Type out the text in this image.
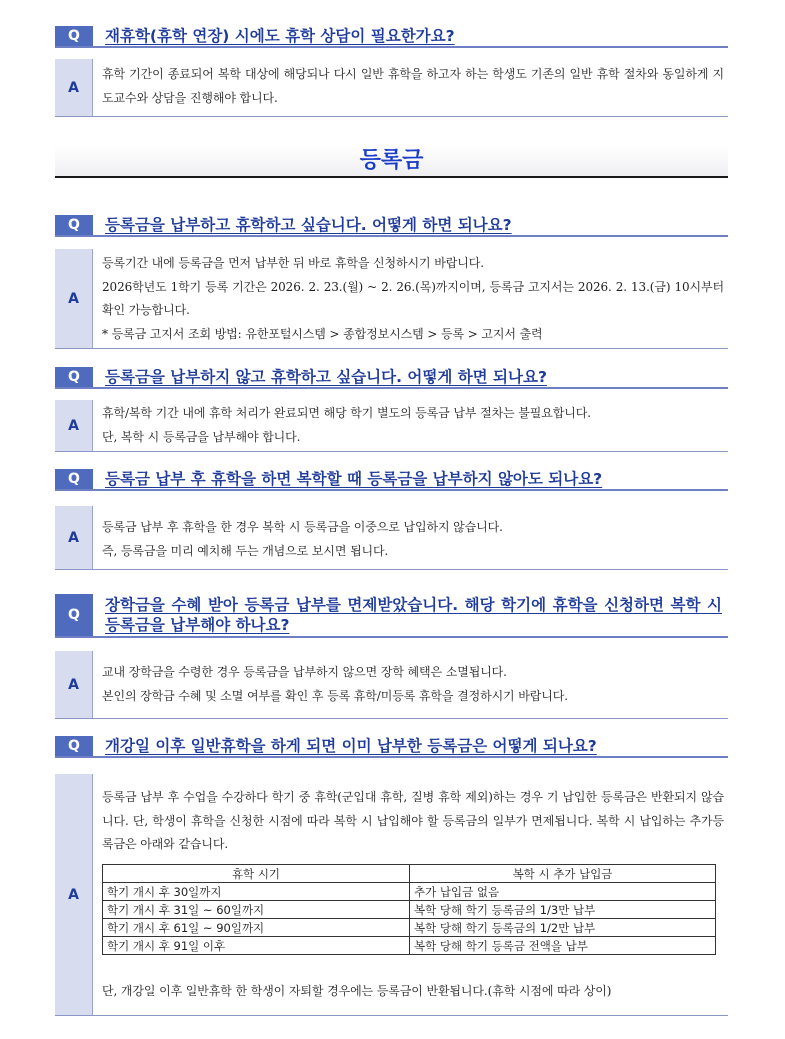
Q	재휴학(휴학 연장) 시에도 휴학 상담이 필요한가요?
A

휴학 기간이 종료되어 복학 대상에 해당되나 다시 일반 휴학을 하고자 하는 학생도 기존의 일반 휴학 절차와 동일하게 지도교수와 상담을 진행해야 합니다.

등록금
Q	등록금을 납부하고 휴학하고 싶습니다. 어떻게 하면 되나요?
A

등록기간 내에 등록금을 먼저 납부한 뒤 바로 휴학을 신청하시기 바랍니다.

2026학년도 1학기 등록 기간은 2026. 2. 23.(월) ~ 2. 26.(목)까지이며, 등록금 고지서는 2026. 2. 13.(금) 10시부터 확인 가능합니다.

* 등록금 고지서 조회 방법: 유한포털시스템 > 종합정보시스템 > 등록 > 고지서 출력

Q	등록금을 납부하지 않고 휴학하고 싶습니다. 어떻게 하면 되나요?
A

휴학/복학 기간 내에 휴학 처리가 완료되면 해당 학기 별도의 등록금 납부 절차는 불필요합니다.

단, 복학 시 등록금을 납부해야 합니다.

Q	등록금 납부 후 휴학을 하면 복학할 때 등록금을 납부하지 않아도 되나요?
A

등록금 납부 후 휴학을 한 경우 복학 시 등록금을 이중으로 납입하지 않습니다.

즉, 등록금을 미리 예치해 두는 개념으로 보시면 됩니다.

Q
장학금을 수혜 받아 등록금 납부를 면제받았습니다. 해당 학기에 휴학을 신청하면 복학 시 등록금을 납부해야 하나요?
A

교내 장학금을 수령한 경우 등록금을 납부하지 않으면 장학 혜택은 소멸됩니다.

본인의 장학금 수혜 및 소멸 여부를 확인 후 등록 휴학/미등록 휴학을 결정하시기 바랍니다.

Q	개강일 이후 일반휴학을 하게 되면 이미 납부한 등록금은 어떻게 되나요?
A

등록금 납부 후 수업을 수강하다 학기 중 휴학(군입대 휴학, 질병 휴학 제외)하는 경우 기 납입한 등록금은 반환되지 않습니다. 단, 학생이 휴학을 신청한 시점에 따라 복학 시 납입해야 할 등록금의 일부가 면제됩니다. 복학 시 납입하는 추가등록금은 아래와 같습니다.

휴학 시기	복학 시 추가 납입금
학기 개시 후 30일까지	추가 납입금 없음
학기 개시 후 31일 ~ 60일까지	복학 당해 학기 등록금의 1/3만 납부
학기 개시 후 61일 ~ 90일까지	복학 당해 학기 등록금의 1/2만 납부
학기 개시 후 91일 이후	복학 당해 학기 등록금 전액을 납부

단, 개강일 이후 일반휴학 한 학생이 자퇴할 경우에는 등록금이 반환됩니다.(휴학 시점에 따라 상이)
